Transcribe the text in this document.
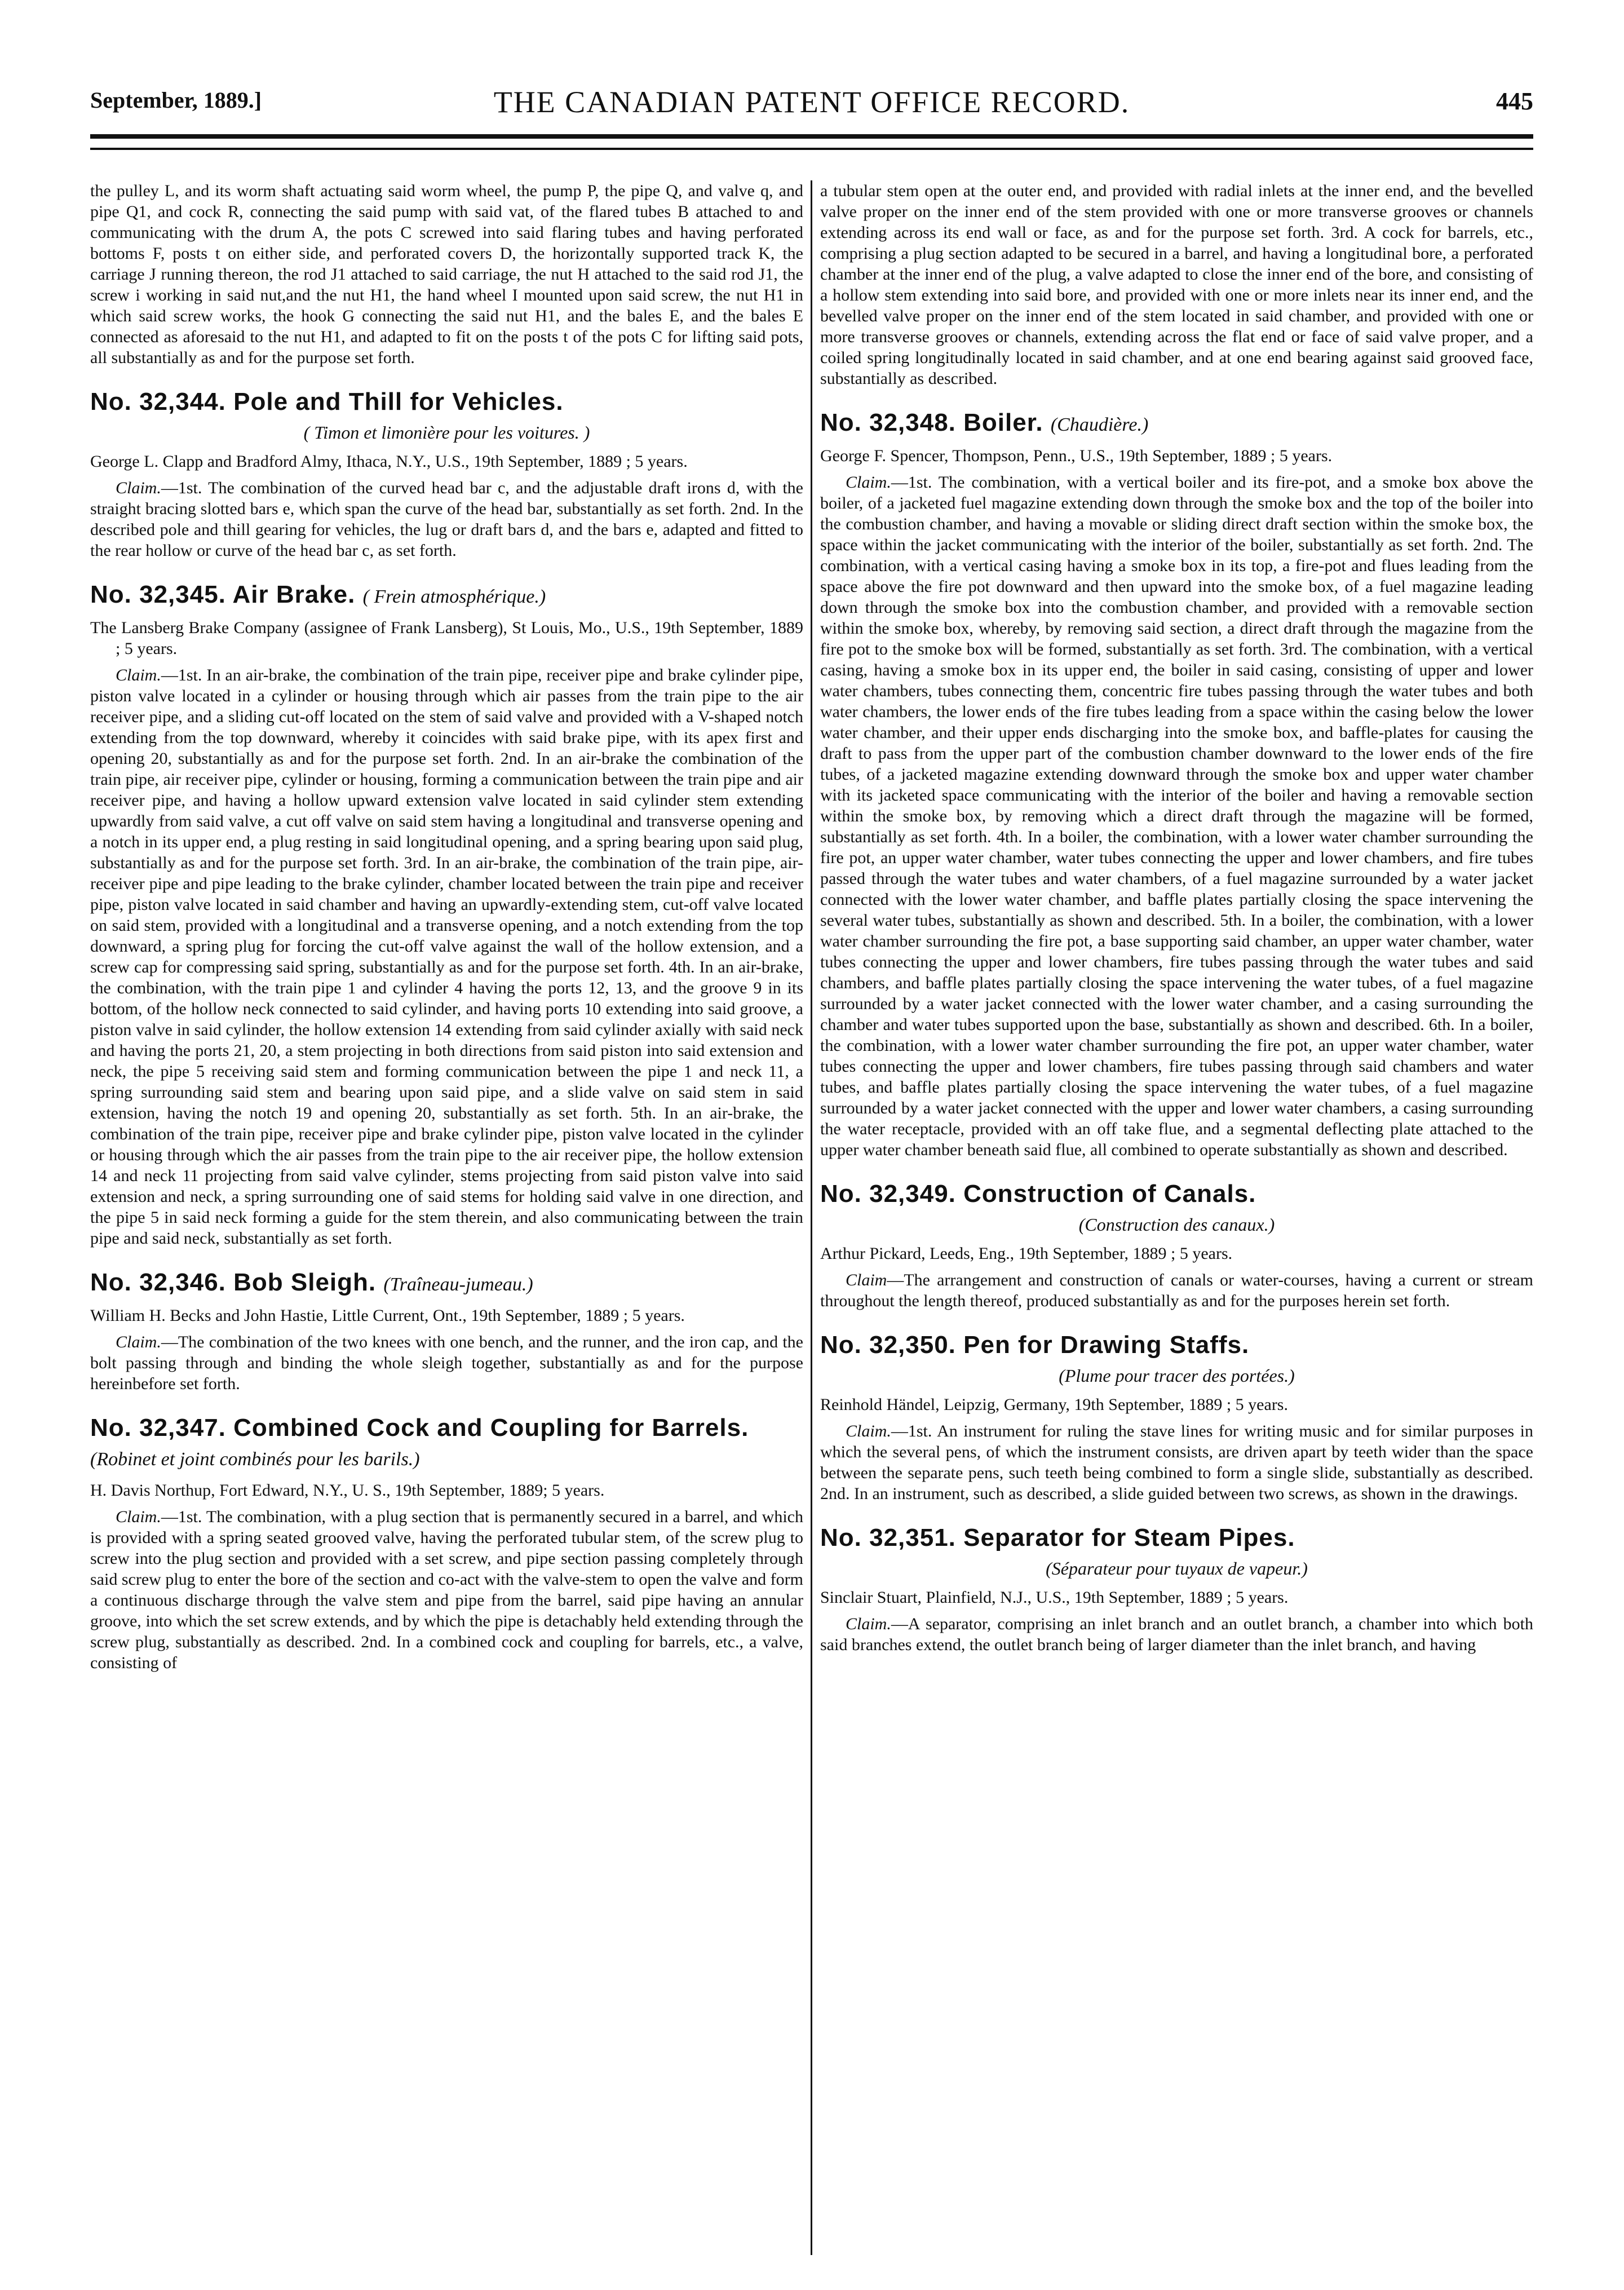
September, 1889.]	THE CANADIAN PATENT OFFICE RECORD.	445

the pulley L, and its worm shaft actuating said worm wheel, the pump P, the pipe Q, and valve q, and pipe Q1, and cock R, connecting the said pump with said vat, of the flared tubes B attached to and communicating with the drum A, the pots C screwed into said flaring tubes and having perforated bottoms F, posts t on either side, and perforated covers D, the horizontally supported track K, the carriage J running thereon, the rod J1 attached to said carriage, the nut H attached to the said rod J1, the screw i working in said nut,and the nut H1, the hand wheel I mounted upon said screw, the nut H1 in which said screw works, the hook G connecting the said nut H1, and the bales E, and the bales E connected as aforesaid to the nut H1, and adapted to fit on the posts t of the pots C for lifting said pots, all substantially as and for the purpose set forth.

No. 32,344. Pole and Thill for Vehicles.

( Timon et limonière pour les voitures. )

George L. Clapp and Bradford Almy, Ithaca, N.Y., U.S., 19th September, 1889 ; 5 years.

Claim.—1st. The combination of the curved head bar c, and the adjustable draft irons d, with the straight bracing slotted bars e, which span the curve of the head bar, substantially as set forth. 2nd. In the described pole and thill gearing for vehicles, the lug or draft bars d, and the bars e, adapted and fitted to the rear hollow or curve of the head bar c, as set forth.

No. 32,345. Air Brake. ( Frein atmosphérique.)

The Lansberg Brake Company (assignee of Frank Lansberg), St Louis, Mo., U.S., 19th September, 1889 ; 5 years.

Claim.—1st. In an air-brake, the combination of the train pipe, receiver pipe and brake cylinder pipe, piston valve located in a cylinder or housing through which air passes from the train pipe to the air receiver pipe, and a sliding cut-off located on the stem of said valve and provided with a V-shaped notch extending from the top downward, whereby it coincides with said brake pipe, with its apex first and opening 20, substantially as and for the purpose set forth. 2nd. In an air-brake the combination of the train pipe, air receiver pipe, cylinder or housing, forming a communication between the train pipe and air receiver pipe, and having a hollow upward extension valve located in said cylinder stem extending upwardly from said valve, a cut off valve on said stem having a longitudinal and transverse opening and a notch in its upper end, a plug resting in said longitudinal opening, and a spring bearing upon said plug, substantially as and for the purpose set forth. 3rd. In an air-brake, the combination of the train pipe, air-receiver pipe and pipe leading to the brake cylinder, chamber located between the train pipe and receiver pipe, piston valve located in said chamber and having an upwardly-extending stem, cut-off valve located on said stem, provided with a longitudinal and a transverse opening, and a notch extending from the top downward, a spring plug for forcing the cut-off valve against the wall of the hollow extension, and a screw cap for compressing said spring, substantially as and for the purpose set forth. 4th. In an air-brake, the combination, with the train pipe 1 and cylinder 4 having the ports 12, 13, and the groove 9 in its bottom, of the hollow neck connected to said cylinder, and having ports 10 extending into said groove, a piston valve in said cylinder, the hollow extension 14 extending from said cylinder axially with said neck and having the ports 21, 20, a stem projecting in both directions from said piston into said extension and neck, the pipe 5 receiving said stem and forming communication between the pipe 1 and neck 11, a spring surrounding said stem and bearing upon said pipe, and a slide valve on said stem in said extension, having the notch 19 and opening 20, substantially as set forth. 5th. In an air-brake, the combination of the train pipe, receiver pipe and brake cylinder pipe, piston valve located in the cylinder or housing through which the air passes from the train pipe to the air receiver pipe, the hollow extension 14 and neck 11 projecting from said valve cylinder, stems projecting from said piston valve into said extension and neck, a spring surrounding one of said stems for holding said valve in one direction, and the pipe 5 in said neck forming a guide for the stem therein, and also communicating between the train pipe and said neck, substantially as set forth.

No. 32,346. Bob Sleigh. (Traîneau-jumeau.)

William H. Becks and John Hastie, Little Current, Ont., 19th September, 1889 ; 5 years.

Claim.—The combination of the two knees with one bench, and the runner, and the iron cap, and the bolt passing through and binding the whole sleigh together, substantially as and for the purpose hereinbefore set forth.

No. 32,347. Combined Cock and Coupling for Barrels. (Robinet et joint combinés pour les barils.)

H. Davis Northup, Fort Edward, N.Y., U. S., 19th September, 1889; 5 years.

Claim.—1st. The combination, with a plug section that is permanently secured in a barrel, and which is provided with a spring seated grooved valve, having the perforated tubular stem, of the screw plug to screw into the plug section and provided with a set screw, and pipe section passing completely through said screw plug to enter the bore of the section and co-act with the valve-stem to open the valve and form a continuous discharge through the valve stem and pipe from the barrel, said pipe having an annular groove, into which the set screw extends, and by which the pipe is detachably held extending through the screw plug, substantially as described. 2nd. In a combined cock and coupling for barrels, etc., a valve, consisting of

a tubular stem open at the outer end, and provided with radial inlets at the inner end, and the bevelled valve proper on the inner end of the stem provided with one or more transverse grooves or channels extending across its end wall or face, as and for the purpose set forth. 3rd. A cock for barrels, etc., comprising a plug section adapted to be secured in a barrel, and having a longitudinal bore, a perforated chamber at the inner end of the plug, a valve adapted to close the inner end of the bore, and consisting of a hollow stem extending into said bore, and provided with one or more inlets near its inner end, and the bevelled valve proper on the inner end of the stem located in said chamber, and provided with one or more transverse grooves or channels, extending across the flat end or face of said valve proper, and a coiled spring longitudinally located in said chamber, and at one end bearing against said grooved face, substantially as described.

No. 32,348. Boiler. (Chaudière.)

George F. Spencer, Thompson, Penn., U.S., 19th September, 1889 ; 5 years.

Claim.—1st. The combination, with a vertical boiler and its fire-pot, and a smoke box above the boiler, of a jacketed fuel magazine extending down through the smoke box and the top of the boiler into the combustion chamber, and having a movable or sliding direct draft section within the smoke box, the space within the jacket communicating with the interior of the boiler, substantially as set forth. 2nd. The combination, with a vertical casing having a smoke box in its top, a fire-pot and flues leading from the space above the fire pot downward and then upward into the smoke box, of a fuel magazine leading down through the smoke box into the combustion chamber, and provided with a removable section within the smoke box, whereby, by removing said section, a direct draft through the magazine from the fire pot to the smoke box will be formed, substantially as set forth. 3rd. The combination, with a vertical casing, having a smoke box in its upper end, the boiler in said casing, consisting of upper and lower water chambers, tubes connecting them, concentric fire tubes passing through the water tubes and both water chambers, the lower ends of the fire tubes leading from a space within the casing below the lower water chamber, and their upper ends discharging into the smoke box, and baffle-plates for causing the draft to pass from the upper part of the combustion chamber downward to the lower ends of the fire tubes, of a jacketed magazine extending downward through the smoke box and upper water chamber with its jacketed space communicating with the interior of the boiler and having a removable section within the smoke box, by removing which a direct draft through the magazine will be formed, substantially as set forth. 4th. In a boiler, the combination, with a lower water chamber surrounding the fire pot, an upper water chamber, water tubes connecting the upper and lower chambers, and fire tubes passed through the water tubes and water chambers, of a fuel magazine surrounded by a water jacket connected with the lower water chamber, and baffle plates partially closing the space intervening the several water tubes, substantially as shown and described. 5th. In a boiler, the combination, with a lower water chamber surrounding the fire pot, a base supporting said chamber, an upper water chamber, water tubes connecting the upper and lower chambers, fire tubes passing through the water tubes and said chambers, and baffle plates partially closing the space intervening the water tubes, of a fuel magazine surrounded by a water jacket connected with the lower water chamber, and a casing surrounding the chamber and water tubes supported upon the base, substantially as shown and described. 6th. In a boiler, the combination, with a lower water chamber surrounding the fire pot, an upper water chamber, water tubes connecting the upper and lower chambers, fire tubes passing through said chambers and water tubes, and baffle plates partially closing the space intervening the water tubes, of a fuel magazine surrounded by a water jacket connected with the upper and lower water chambers, a casing surrounding the water receptacle, provided with an off take flue, and a segmental deflecting plate attached to the upper water chamber beneath said flue, all combined to operate substantially as shown and described.

No. 32,349. Construction of Canals.

(Construction des canaux.)

Arthur Pickard, Leeds, Eng., 19th September, 1889 ; 5 years.

Claim—The arrangement and construction of canals or water-courses, having a current or stream throughout the length thereof, produced substantially as and for the purposes herein set forth.

No. 32,350. Pen for Drawing Staffs.

(Plume pour tracer des portées.)

Reinhold Händel, Leipzig, Germany, 19th September, 1889 ; 5 years.

Claim.—1st. An instrument for ruling the stave lines for writing music and for similar purposes in which the several pens, of which the instrument consists, are driven apart by teeth wider than the space between the separate pens, such teeth being combined to form a single slide, substantially as described. 2nd. In an instrument, such as described, a slide guided between two screws, as shown in the drawings.

No. 32,351. Separator for Steam Pipes.

(Séparateur pour tuyaux de vapeur.)

Sinclair Stuart, Plainfield, N.J., U.S., 19th September, 1889 ; 5 years.

Claim.—A separator, comprising an inlet branch and an outlet branch, a chamber into which both said branches extend, the outlet branch being of larger diameter than the inlet branch, and having
